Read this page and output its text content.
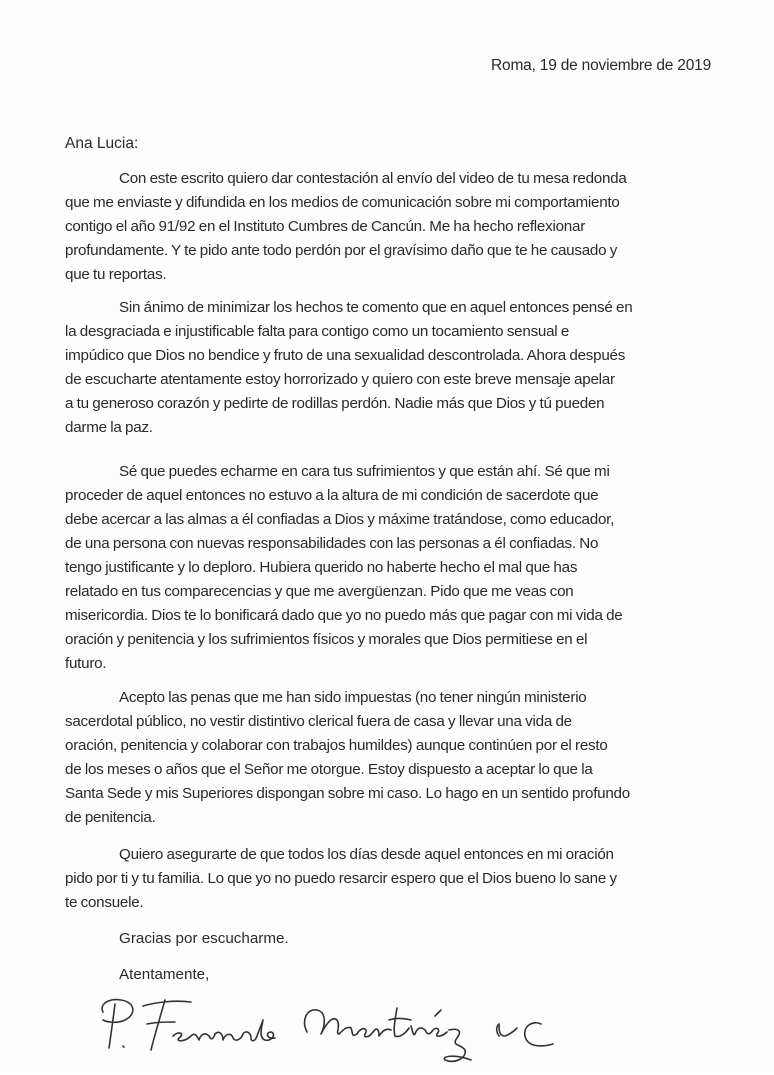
Roma, 19 de noviembre de 2019
Ana Lucia:
Con este escrito quiero dar contestación al envío del video de tu mesa redonda
que me enviaste y difundida en los medios de comunicación sobre mi comportamiento
contigo el año 91/92 en el Instituto Cumbres de Cancún. Me ha hecho reflexionar
profundamente. Y te pido ante todo perdón por el gravísimo daño que te he causado y
que tu reportas.
Sin ánimo de minimizar los hechos te comento que en aquel entonces pensé en
la desgraciada e injustificable falta para contigo como un tocamiento sensual e
impúdico que Dios no bendice y fruto de una sexualidad descontrolada. Ahora después
de escucharte atentamente estoy horrorizado y quiero con este breve mensaje apelar
a tu generoso corazón y pedirte de rodillas perdón. Nadie más que Dios y tú pueden
darme la paz.
Sé que puedes echarme en cara tus sufrimientos y que están ahí. Sé que mi
proceder de aquel entonces no estuvo a la altura de mi condición de sacerdote que
debe acercar a las almas a él confiadas a Dios y máxime tratándose, como educador,
de una persona con nuevas responsabilidades con las personas a él confiadas. No
tengo justificante y lo deploro. Hubiera querido no haberte hecho el mal que has
relatado en tus comparecencias y que me avergüenzan. Pido que me veas con
misericordia. Dios te lo bonificará dado que yo no puedo más que pagar con mi vida de
oración y penitencia y los sufrimientos físicos y morales que Dios permitiese en el
futuro.
Acepto las penas que me han sido impuestas (no tener ningún ministerio
sacerdotal público, no vestir distintivo clerical fuera de casa y llevar una vida de
oración, penitencia y colaborar con trabajos humildes) aunque continúen por el resto
de los meses o años que el Señor me otorgue. Estoy dispuesto a aceptar lo que la
Santa Sede y mis Superiores dispongan sobre mi caso. Lo hago en un sentido profundo
de penitencia.
Quiero asegurarte de que todos los días desde aquel entonces en mi oración
pido por ti y tu familia. Lo que yo no puedo resarcir espero que el Dios bueno lo sane y
te consuele.
Gracias por escucharme.
Atentamente,
